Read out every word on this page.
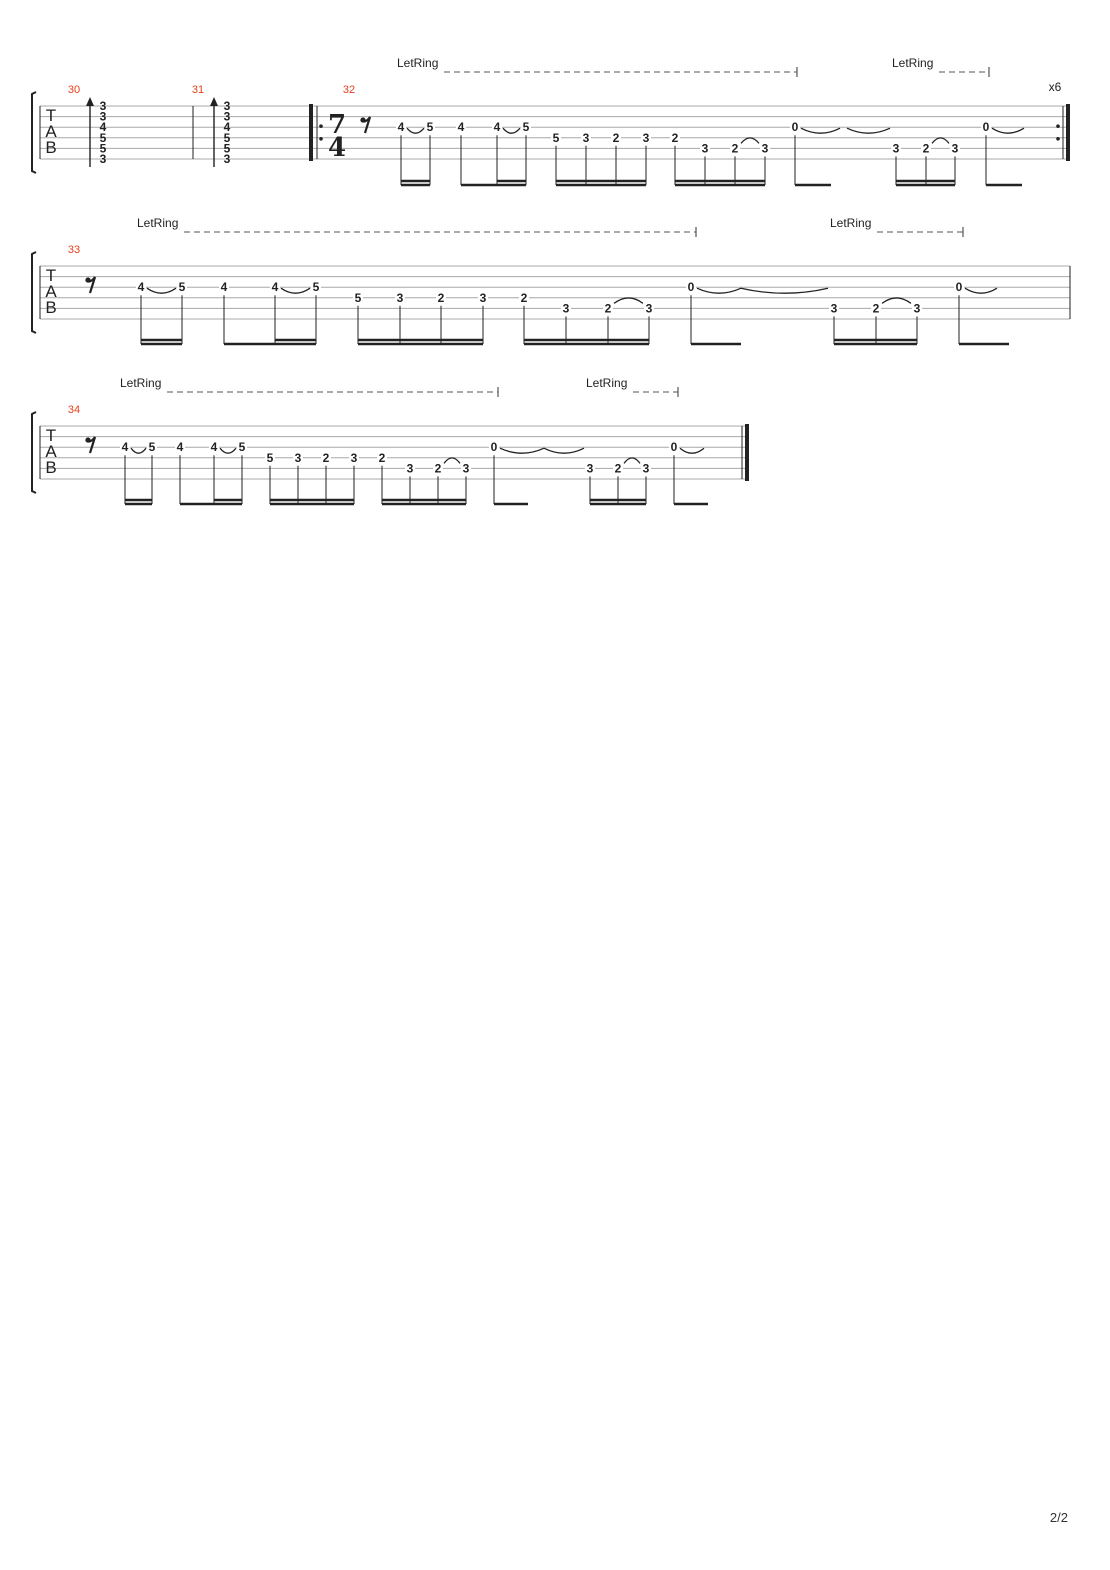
T
A
B
30	31	32
LetRing	LetRing
3
3
4
5
5
3
3
3
4
5
5
3
7
4
x6
4 5 4 4 5
5 3 2 3 2
3 2 3
0
3 2 3
0
T
A
B
33
LetRing	LetRing
4	5	4	4	5
5	3	2	3	2
3	2	3
0
3	2	3
0
T
A
B
34
LetRing	LetRing
4 5 4 4 5
5 3 2 3 2
3 2 3
0
3 2 3
0
2/2
